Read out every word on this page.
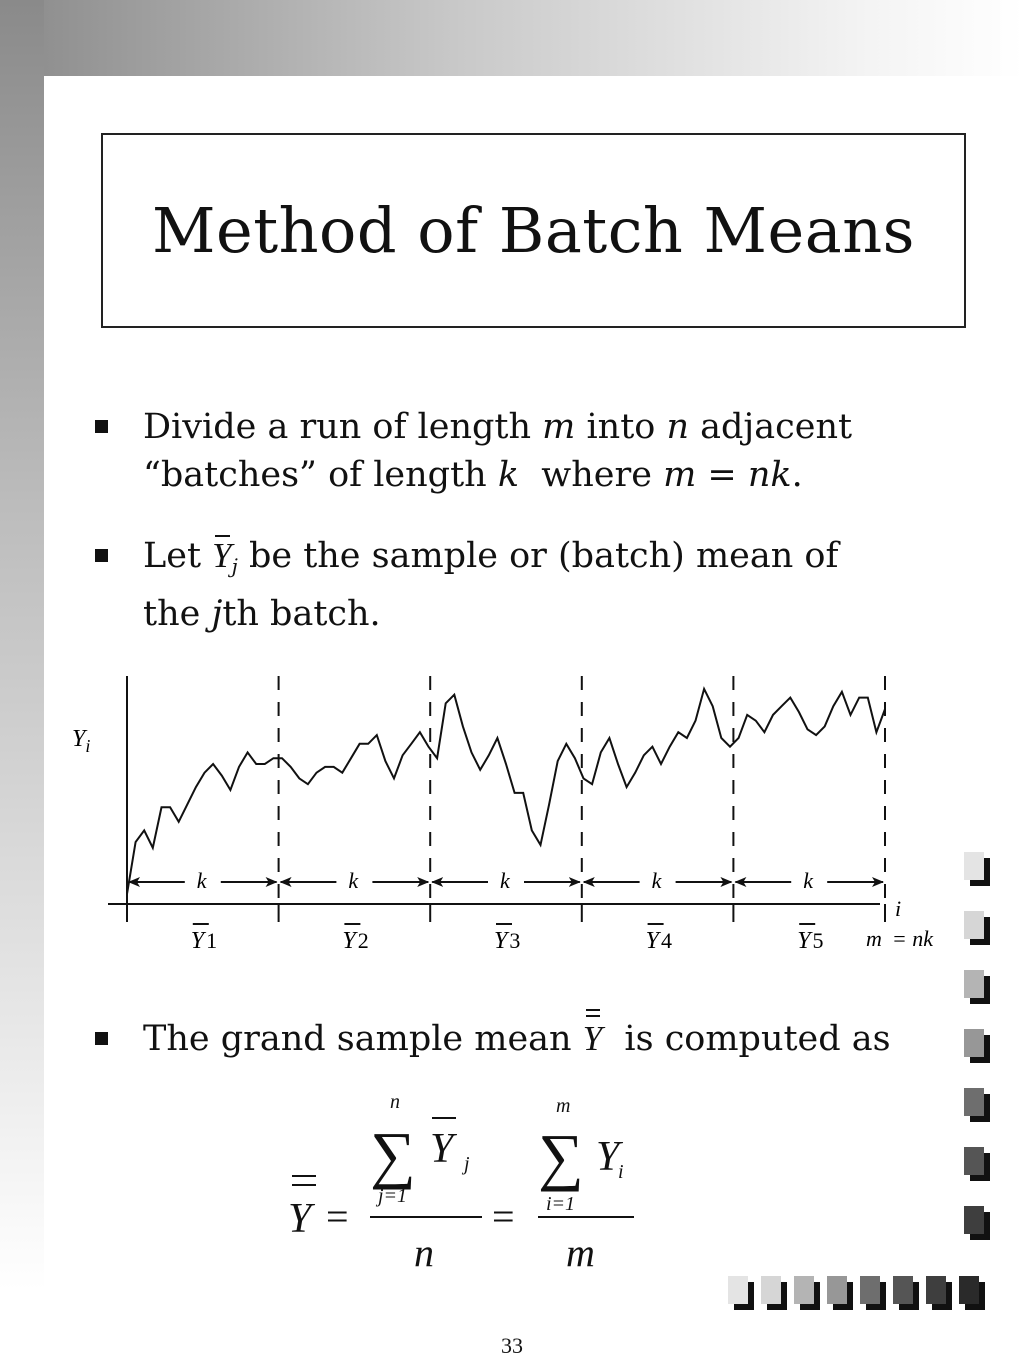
Method of Batch Means
Divide a run of length m into n adjacent
“batches” of length k  where m = nk.
Let
$Y_j$ be the sample or (batch) mean of
the jth batch.
$Y_i$
i
k	k	k	k	k
Y1	Y2	Y3	Y4	Y5 m = nk
The grand sample mean
Y  is computed as
Y =
n
∑ Y j
j=1
n
=
m
∑ Y
i
i=1
m
33
